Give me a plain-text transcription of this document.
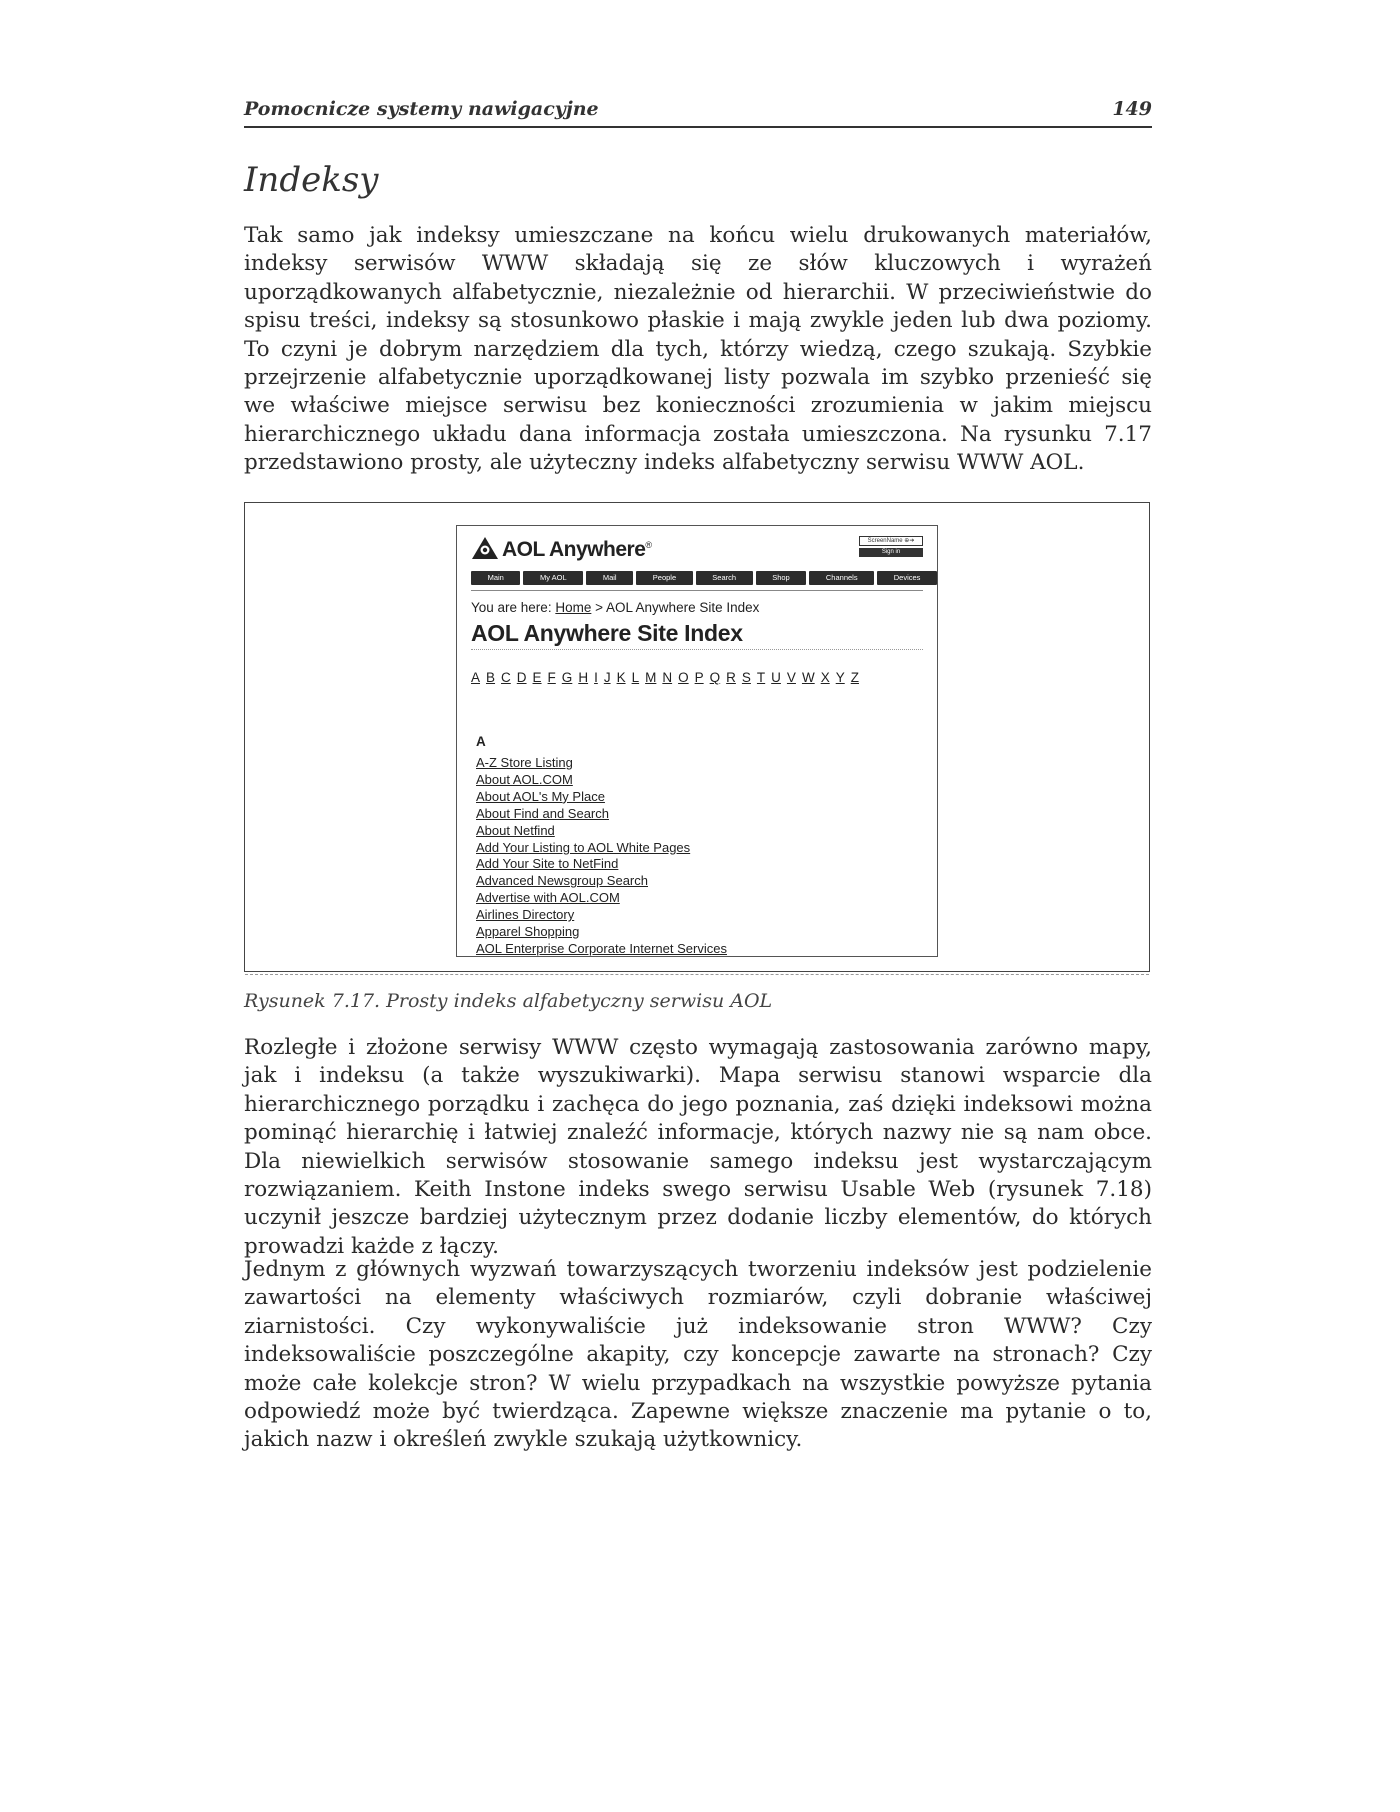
Pomocnicze systemy nawigacyjne	149
Indeksy

Tak samo jak indeksy umieszczane na końcu wielu drukowanych materiałów, indeksy serwisów WWW składają się ze słów kluczowych i wyrażeń uporządkowanych alfabetycznie, niezależnie od hierarchii. W przeciwieństwie do spisu treści, indeksy są stosunkowo płaskie i mają zwykle jeden lub dwa poziomy. To czyni je dobrym narzędziem dla tych, którzy wiedzą, czego szukają. Szybkie przejrzenie alfabetycznie uporządkowanej listy pozwala im szybko przenieść się we właściwe miejsce serwisu bez konieczności zrozumienia w jakim miejscu hierarchicznego układu dana informacja została umieszczona. Na rysunku 7.17 przedstawiono prosty, ale użyteczny indeks alfabetyczny serwisu WWW AOL.

AOL Anywhere®	ScreenName ⊕➔
Sign in
Main	My AOL	Mail	People	Search	Shop	Channels	Devices
You are here: Home > AOL Anywhere Site Index
AOL Anywhere Site Index
A B C D E F G H I J K L M N O P Q R S T U V W X Y Z
A
A-Z Store Listing
About AOL.COM
About AOL's My Place
About Find and Search
About Netfind
Add Your Listing to AOL White Pages
Add Your Site to NetFind
Advanced Newsgroup Search
Advertise with AOL.COM
Airlines Directory
Apparel Shopping
AOL Enterprise Corporate Internet Services
Rysunek 7.17. Prosty indeks alfabetyczny serwisu AOL

Rozległe i złożone serwisy WWW często wymagają zastosowania zarówno mapy, jak i indeksu (a także wyszukiwarki). Mapa serwisu stanowi wsparcie dla hierarchicznego porządku i zachęca do jego poznania, zaś dzięki indeksowi można pominąć hierarchię i łatwiej znaleźć informacje, których nazwy nie są nam obce. Dla niewielkich serwisów stosowanie samego indeksu jest wystarczającym rozwiązaniem. Keith Instone indeks swego serwisu Usable Web (rysunek 7.18) uczynił jeszcze bardziej użytecznym przez dodanie liczby elementów, do których prowadzi każde z łączy.

Jednym z głównych wyzwań towarzyszących tworzeniu indeksów jest podzielenie zawartości na elementy właściwych rozmiarów, czyli dobranie właściwej ziarnistości. Czy wykonywaliście już indeksowanie stron WWW? Czy indeksowaliście poszczególne akapity, czy koncepcje zawarte na stronach? Czy może całe kolekcje stron? W wielu przypadkach na wszystkie powyższe pytania odpowiedź może być twierdząca. Zapewne większe znaczenie ma pytanie o to, jakich nazw i określeń zwykle szukają użytkownicy.
